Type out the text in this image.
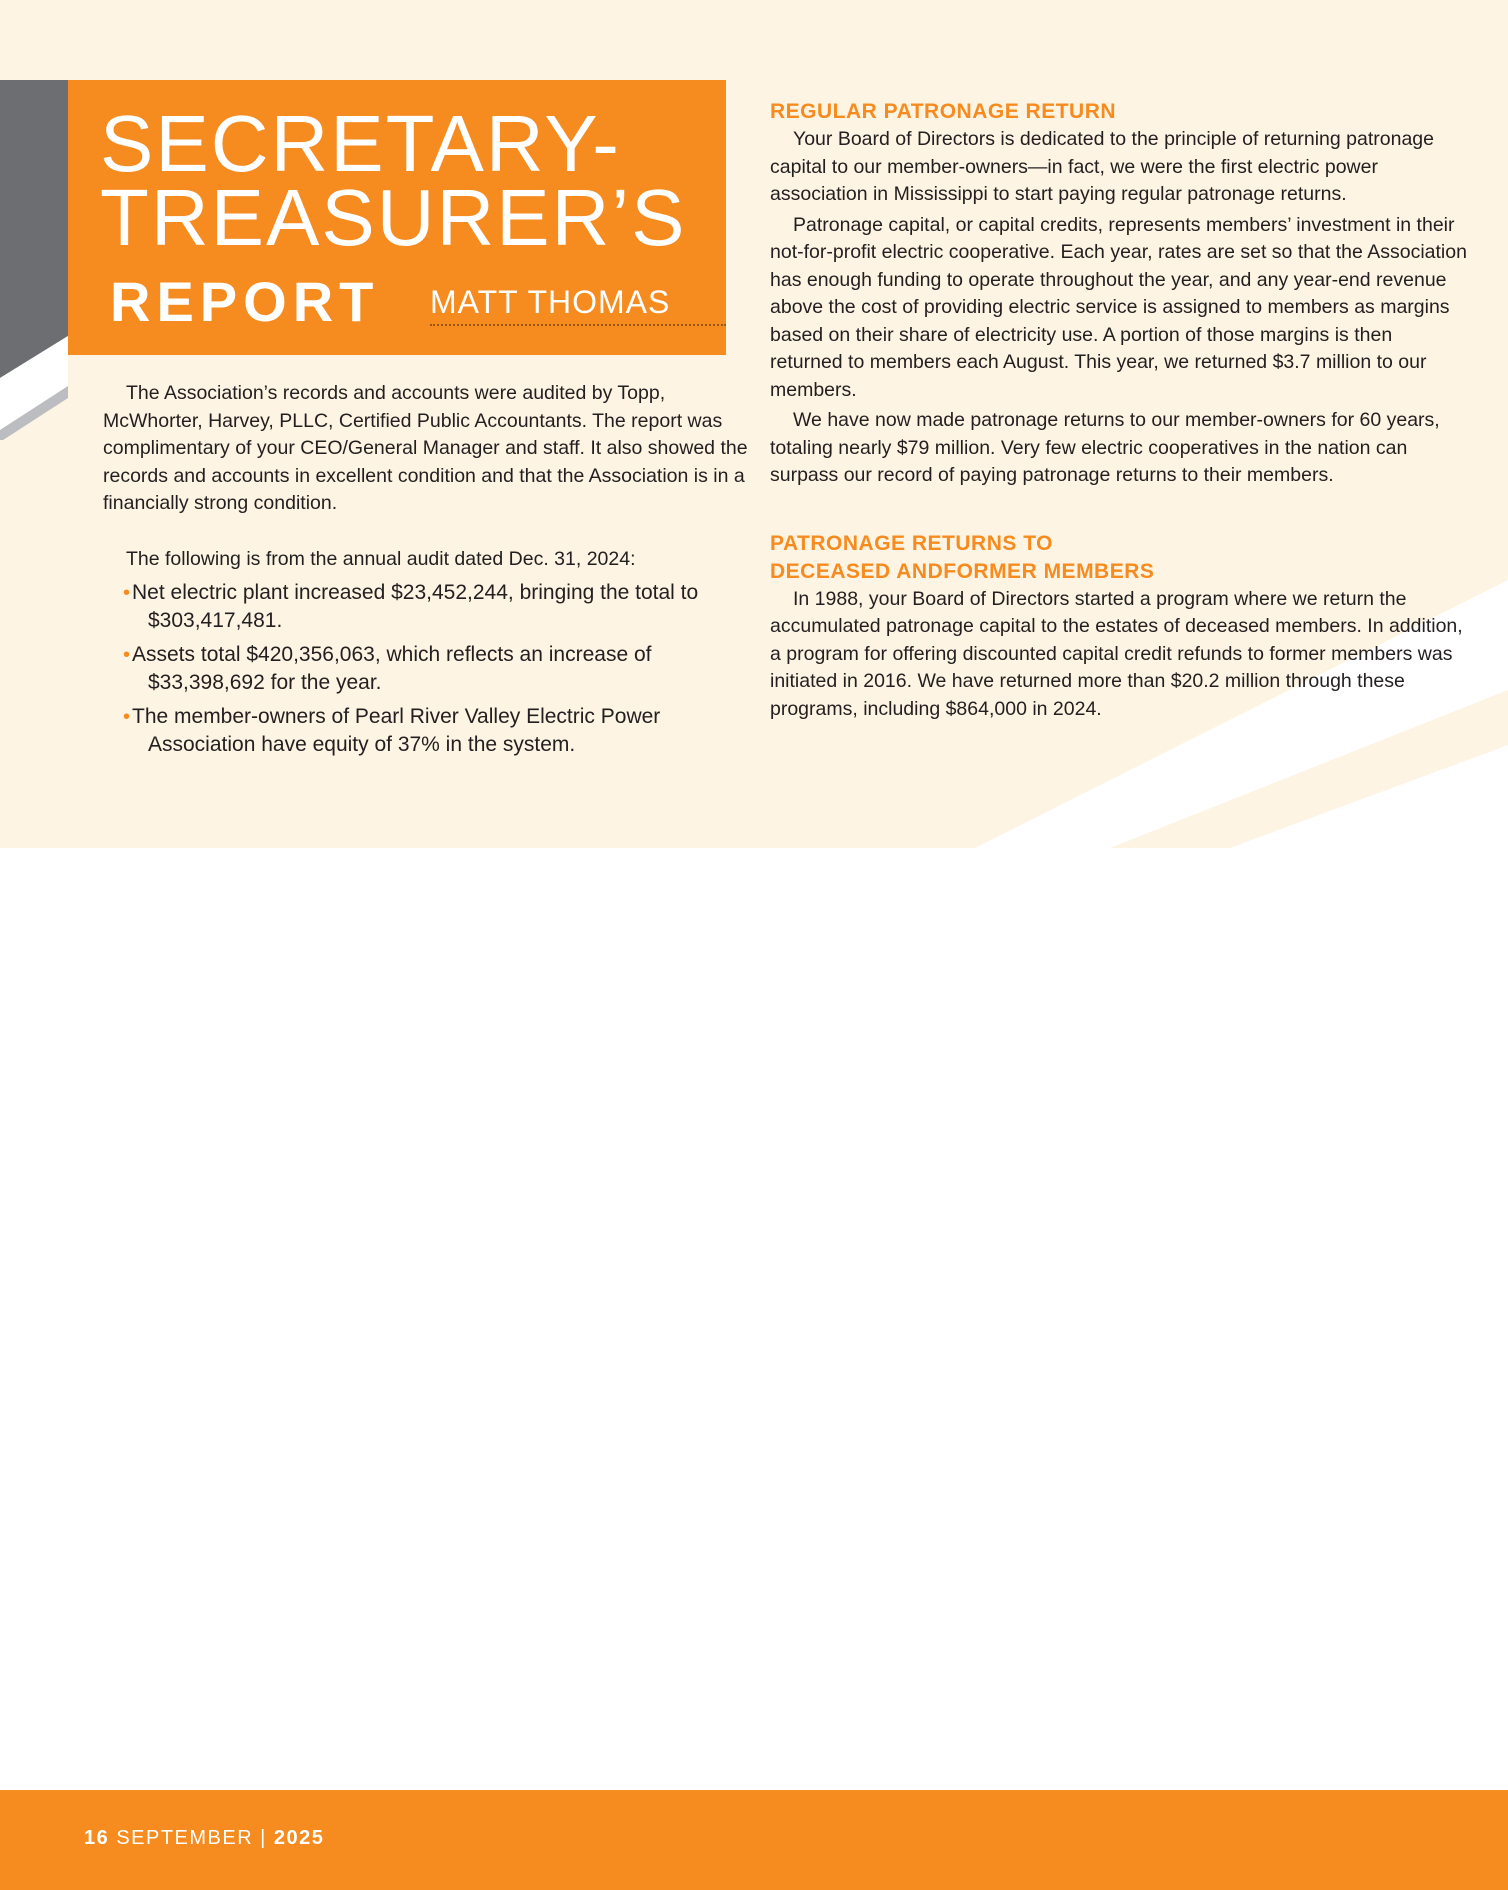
SECRETARY-
TREASURER’S
REPORT MATT THOMAS

The Association’s records and accounts were audited by Topp, McWhorter, Harvey, PLLC, Certified Public Accountants. The report was complimentary of your CEO/General Manager and staff. It also showed the records and accounts in excellent condition and that the Association is in a financially strong condition.

The following is from the annual audit dated Dec. 31, 2024:

•Net electric plant increased $23,452,244, bringing the total to $303,417,481.
•Assets total $420,356,063, which reflects an increase of $33,398,692 for the year.
•The member-owners of Pearl River Valley Electric Power Association have equity of 37% in the system.
REGULAR PATRONAGE RETURN

Your Board of Directors is dedicated to the principle of returning patronage capital to our member-owners—in fact, we were the first electric power association in Mississippi to start paying regular patronage returns.

Patronage capital, or capital credits, represents members’ investment in their not-for-profit electric cooperative. Each year, rates are set so that the Association has enough funding to operate throughout the year, and any year-end revenue above the cost of providing electric service is assigned to members as margins based on their share of electricity use. A portion of those margins is then returned to members each August. This year, we returned $3.7 million to our members.

We have now made patronage returns to our member-owners for 60 years, totaling nearly $79 million. Very few electric cooperatives in the nation can surpass our record of paying patronage returns to their members.

PATRONAGE RETURNS TO
DECEASED ANDFORMER MEMBERS

In 1988, your Board of Directors started a program where we return the accumulated patronage capital to the estates of deceased members. In addition, a program for offering discounted capital credit refunds to former members was initiated in 2016. We have returned more than $20.2 million through these programs, including $864,000 in 2024.

16 SEPTEMBER | 2025
